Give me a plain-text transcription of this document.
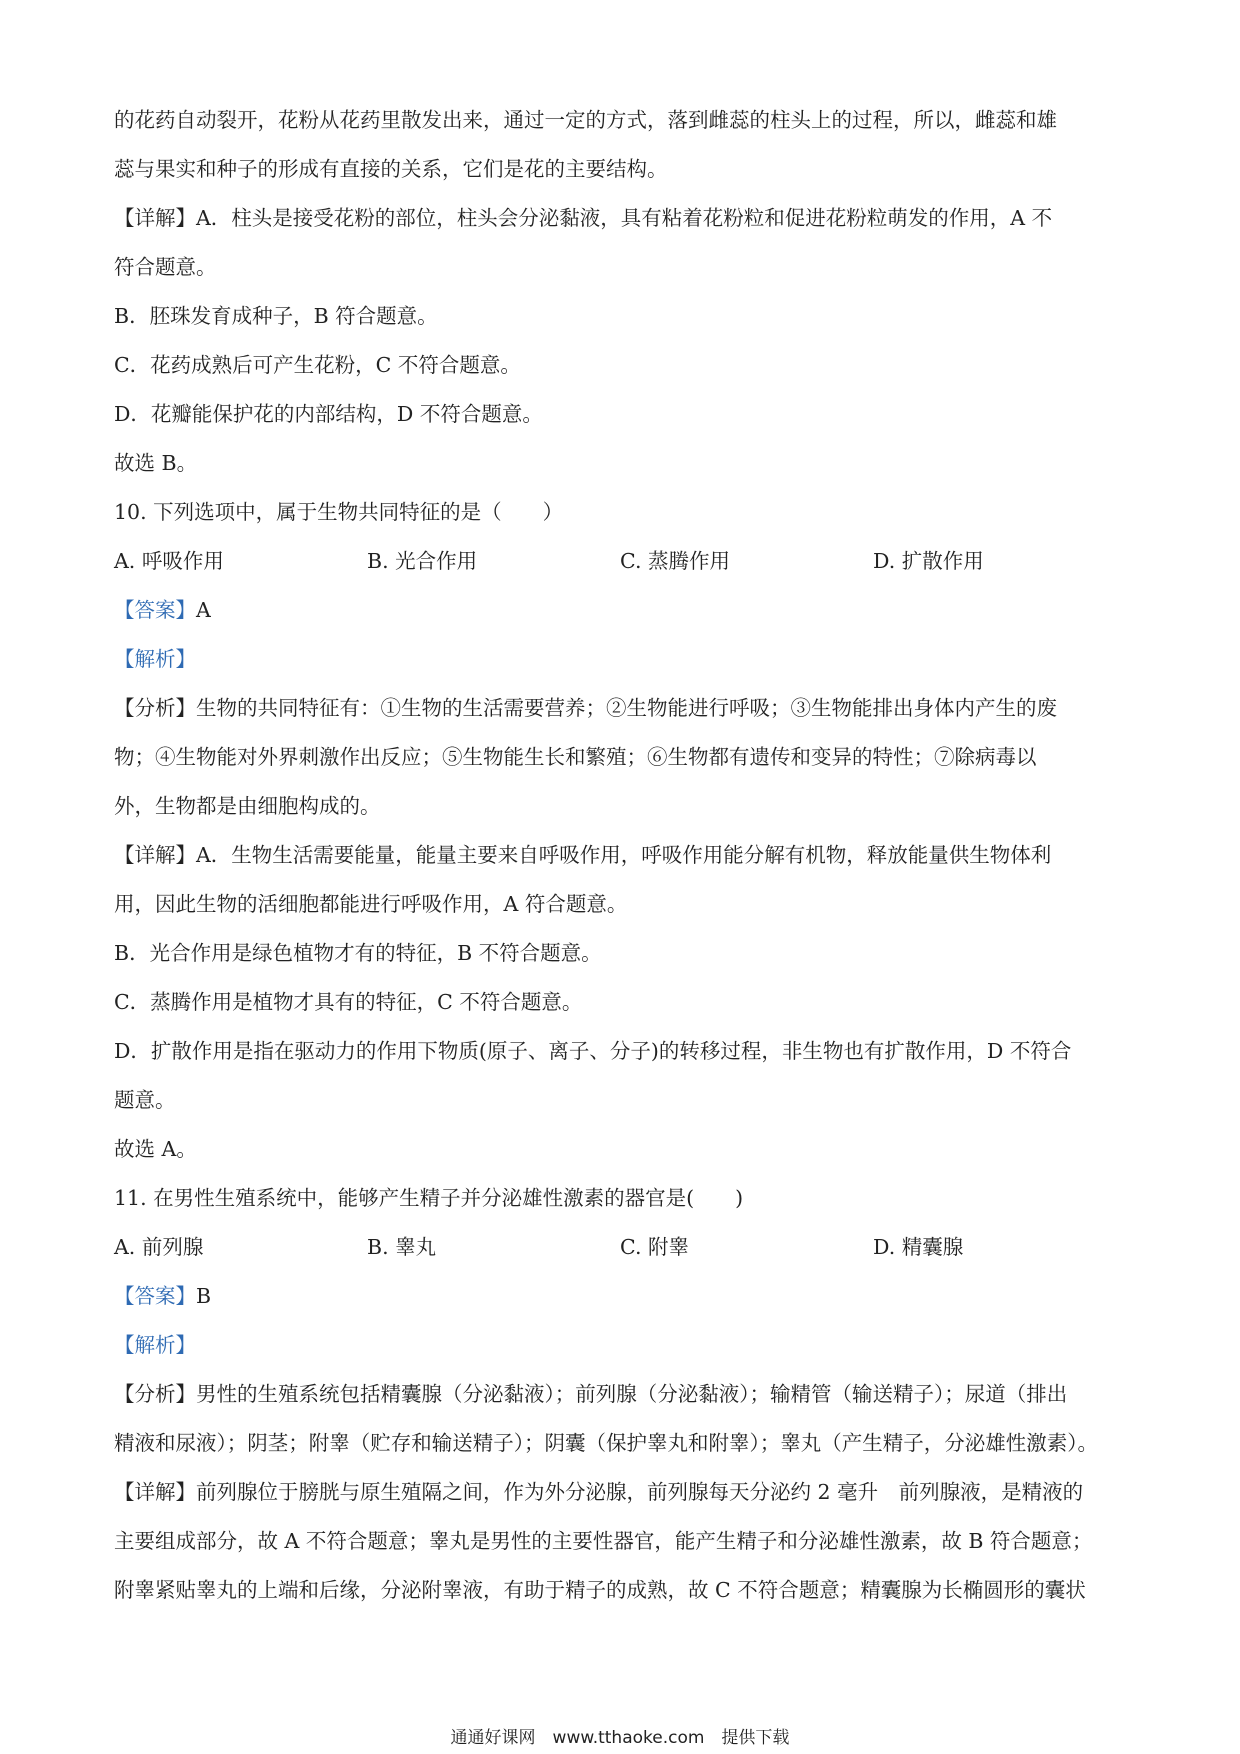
的花药自动裂开，花粉从花药里散发出来，通过一定的方式，落到雌蕊的柱头上的过程，所以，雌蕊和雄
蕊与果实和种子的形成有直接的关系，它们是花的主要结构。
【详解】A．柱头是接受花粉的部位，柱头会分泌黏液，具有粘着花粉粒和促进花粉粒萌发的作用，A 不
符合题意。
B．胚珠发育成种子，B 符合题意。
C．花药成熟后可产生花粉，C 不符合题意。
D．花瓣能保护花的内部结构，D 不符合题意。
故选 B。
10. 下列选项中，属于生物共同特征的是（　　）
A. 呼吸作用	B. 光合作用	C. 蒸腾作用	D. 扩散作用
【答案】A
【解析】
【分析】生物的共同特征有：①生物的生活需要营养；②生物能进行呼吸；③生物能排出身体内产生的废
物；④生物能对外界刺激作出反应；⑤生物能生长和繁殖；⑥生物都有遗传和变异的特性；⑦除病毒以
外，生物都是由细胞构成的。
【详解】A．生物生活需要能量，能量主要来自呼吸作用，呼吸作用能分解有机物，释放能量供生物体利
用，因此生物的活细胞都能进行呼吸作用，A 符合题意。
B．光合作用是绿色植物才有的特征，B 不符合题意。
C．蒸腾作用是植物才具有的特征，C 不符合题意。
D．扩散作用是指在驱动力的作用下物质(原子、离子、分子)的转移过程，非生物也有扩散作用，D 不符合
题意。
故选 A。
11. 在男性生殖系统中，能够产生精子并分泌雄性激素的器官是(　　)
A. 前列腺	B. 睾丸	C. 附睾	D. 精囊腺
【答案】B
【解析】
【分析】男性的生殖系统包括精囊腺（分泌黏液）；前列腺（分泌黏液）；输精管（输送精子）；尿道（排出
精液和尿液）；阴茎；附睾（贮存和输送精子）；阴囊（保护睾丸和附睾）；睾丸（产生精子，分泌雄性激素）。
【详解】前列腺位于膀胱与原生殖隔之间，作为外分泌腺，前列腺每天分泌约 2 毫升　前列腺液，是精液的
主要组成部分，故 A 不符合题意；睾丸是男性的主要性器官，能产生精子和分泌雄性激素，故 B 符合题意；
附睾紧贴睾丸的上端和后缘，分泌附睾液，有助于精子的成熟，故 C 不符合题意；精囊腺为长椭圆形的囊状
通通好课网　www.tthaoke.com　提供下载
